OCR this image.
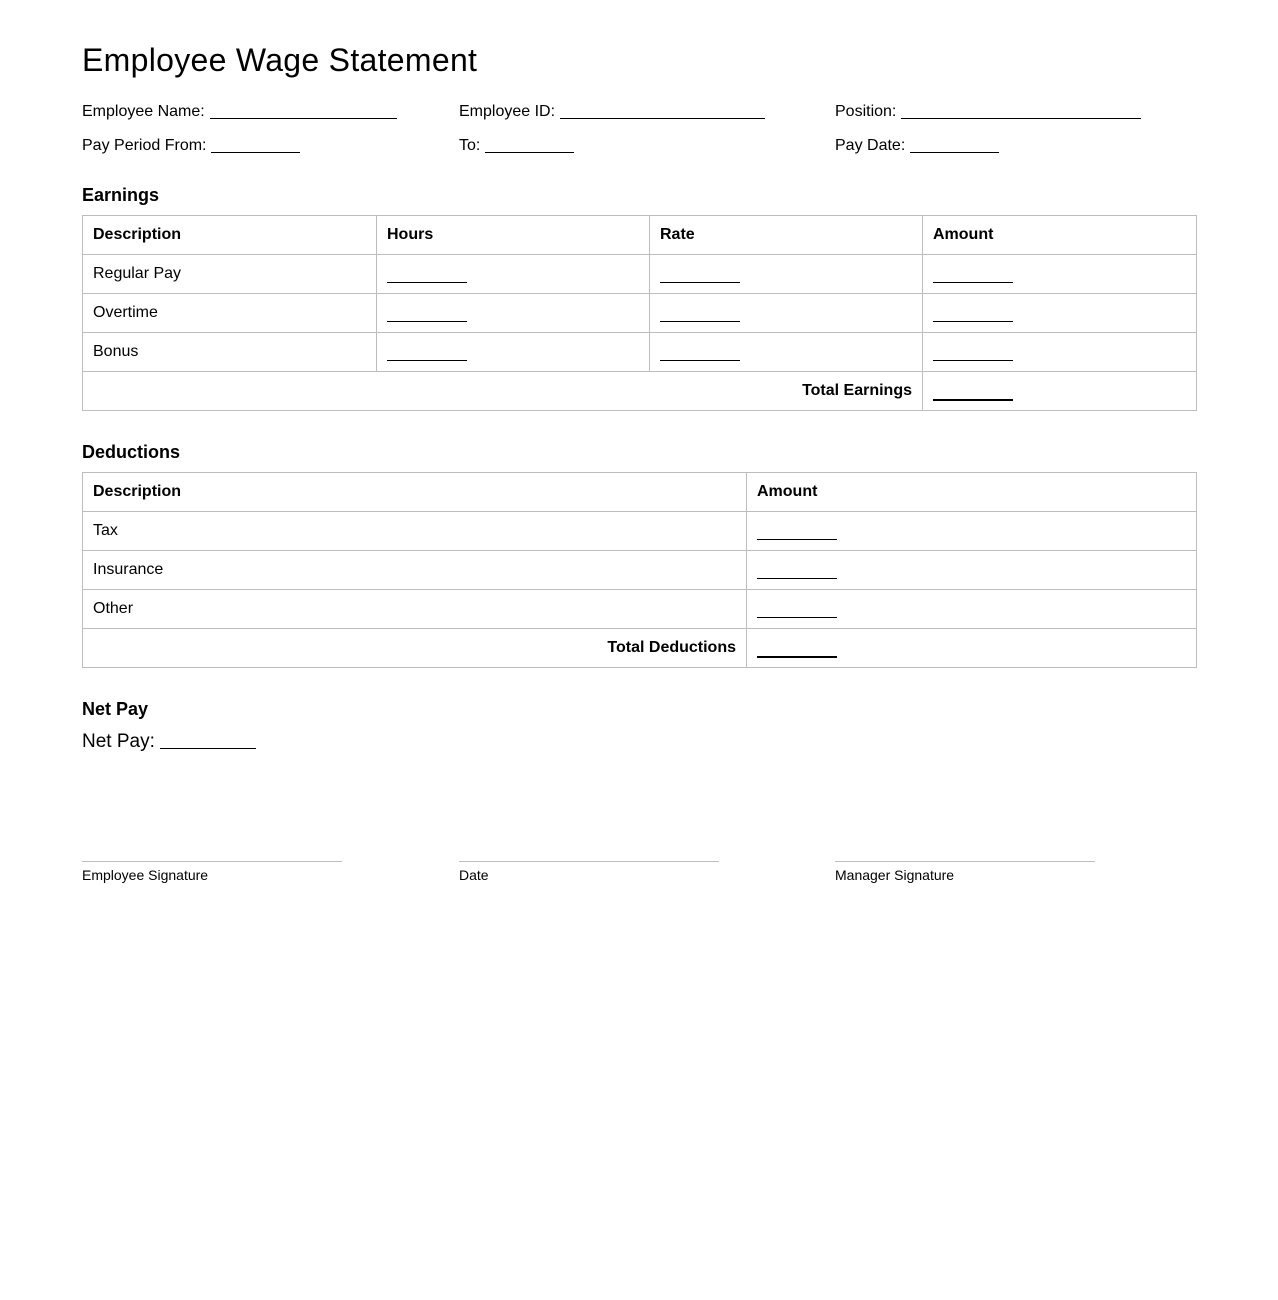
Employee Wage Statement
Employee Name:	Employee ID:	Position:
Pay Period From:	To:	Pay Date:
Earnings
Description	Hours	Rate	Amount
Regular Pay			
Overtime			
Bonus			
Total Earnings			
Deductions
Description	Amount
Tax	
Insurance	
Other	
Total Deductions	
Net Pay
Net Pay:
Employee Signature	Date	Manager Signature
